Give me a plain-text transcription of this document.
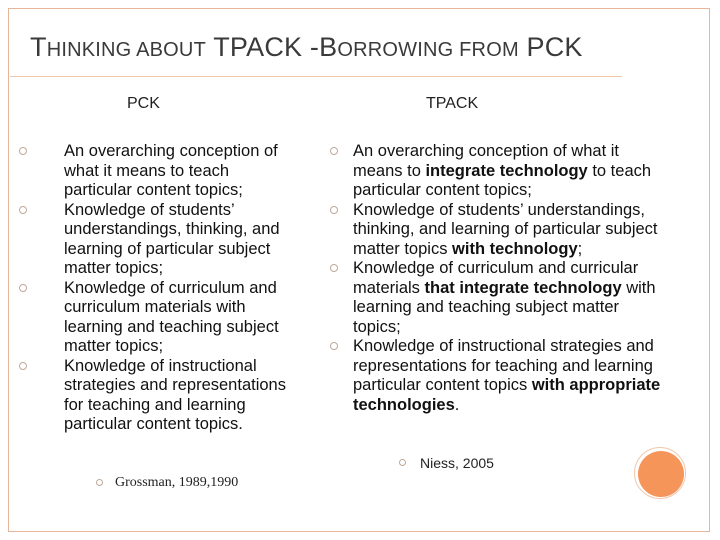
THINKING ABOUT TPACK -BORROWING FROM PCK
PCK	TPACK
An overarching conception of what it means to teach particular content topics;
Knowledge of students’ understandings, thinking, and learning of particular subject matter topics;
Knowledge of curriculum and curriculum materials with learning and teaching subject matter topics;
Knowledge of instructional strategies and representations for teaching and learning particular content topics.
An overarching conception of what it means to integrate technology to teach particular content topics;
Knowledge of students’ understandings, thinking, and learning of particular subject matter topics with technology;
Knowledge of curriculum and curricular materials that integrate technology with learning and teaching subject matter topics;
Knowledge of instructional strategies and representations for teaching and learning particular content topics with appropriate technologies.
Grossman, 1989,1990
Niess, 2005
